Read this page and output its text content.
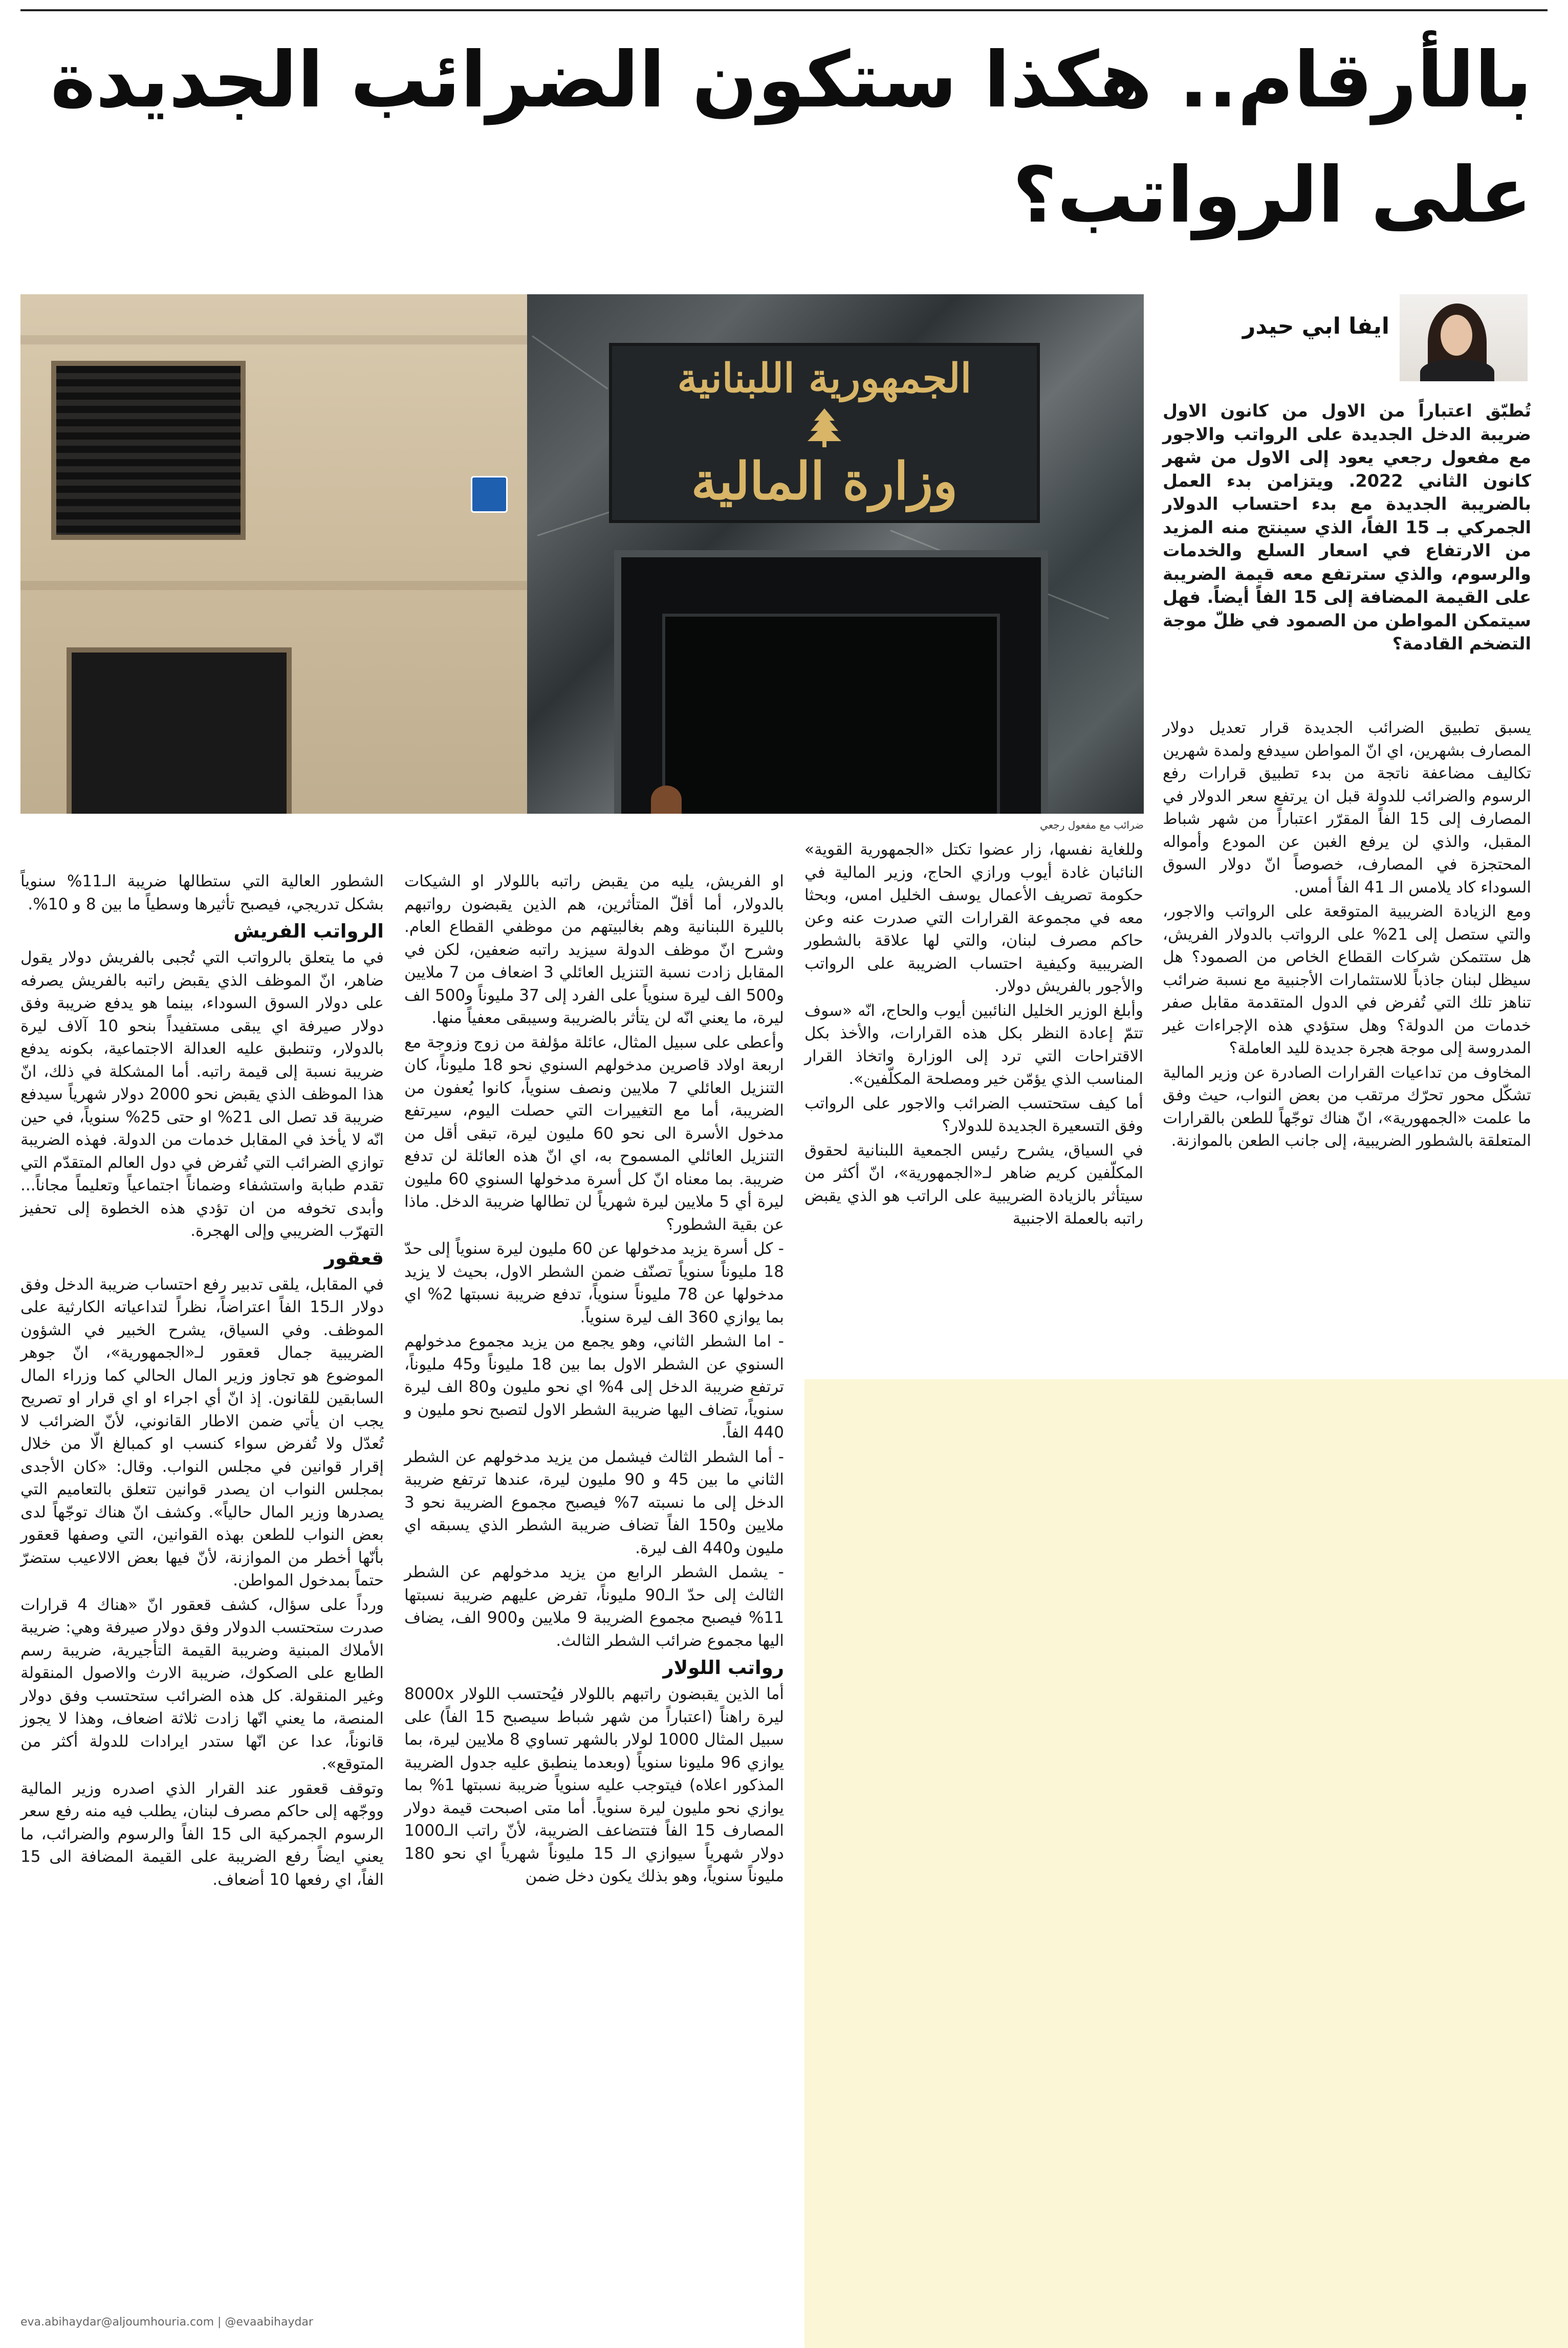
بالأرقام.. هكذا ستكون الضرائب الجديدة على الرواتب؟
الجمهورية اللبنانية
وزارة المالية
ضرائب مع مفعول رجعي
ايفا ابي حيدر

تُطبّق اعتباراً من الاول من كانون الاول ضريبة الدخل الجديدة على الرواتب والاجور مع مفعول رجعي يعود إلى الاول من شهر كانون الثاني 2022. ويتزامن بدء العمل بالضريبة الجديدة مع بدء احتساب الدولار الجمركي بـ 15 الفاً، الذي سينتج منه المزيد من الارتفاع في اسعار السلع والخدمات والرسوم، والذي سترتفع معه قيمة الضريبة على القيمة المضافة إلى 15 الفاً أيضاً. فهل سيتمكن المواطن من الصمود في ظلّ موجة التضخم القادمة؟

يسبق تطبيق الضرائب الجديدة قرار تعديل دولار المصارف بشهرين، اي انّ المواطن سيدفع ولمدة شهرين تكاليف مضاعفة ناتجة من بدء تطبيق قرارات رفع الرسوم والضرائب للدولة قبل ان يرتفع سعر الدولار في المصارف إلى 15 الفاً المقرّر اعتباراً من شهر شباط المقبل، والذي لن يرفع الغبن عن المودع وأمواله المحتجزة في المصارف، خصوصاً انّ دولار السوق السوداء كاد يلامس الـ 41 الفاً أمس.

ومع الزيادة الضريبية المتوقعة على الرواتب والاجور، والتي ستصل إلى 21% على الرواتب بالدولار الفريش، هل ستتمكن شركات القطاع الخاص من الصمود؟ هل سيظل لبنان جاذباً للاستثمارات الأجنبية مع نسبة ضرائب تناهز تلك التي تُفرض في الدول المتقدمة مقابل صفر خدمات من الدولة؟ وهل ستؤدي هذه الإجراءات غير المدروسة إلى موجة هجرة جديدة لليد العاملة؟

المخاوف من تداعيات القرارات الصادرة عن وزير المالية تشكّل محور تحرّك مرتقب من بعض النواب، حيث وفق ما علمت «الجمهورية»، انّ هناك توجّهاً للطعن بالقرارات المتعلقة بالشطور الضريبية، إلى جانب الطعن بالموازنة.

وللغاية نفسها، زار عضوا تكتل «الجمهورية القوية» النائبان غادة أيوب ورازي الحاج، وزير المالية في حكومة تصريف الأعمال يوسف الخليل امس، وبحثا معه في مجموعة القرارات التي صدرت عنه وعن حاكم مصرف لبنان، والتي لها علاقة بالشطور الضريبية وكيفية احتساب الضريبة على الرواتب والأجور بالفريش دولار.

وأبلغ الوزير الخليل النائبين أيوب والحاج، انّه «سوف تتمّ إعادة النظر بكل هذه القرارات، والأخذ بكل الاقتراحات التي ترد إلى الوزارة واتخاذ القرار المناسب الذي يؤمّن خير ومصلحة المكلّفين».

أما كيف ستحتسب الضرائب والاجور على الرواتب وفق التسعيرة الجديدة للدولار؟

في السياق، يشرح رئيس الجمعية اللبنانية لحقوق المكلّفين كريم ضاهر لـ«الجمهورية»، انّ أكثر من سيتأثر بالزيادة الضريبية على الراتب هو الذي يقبض راتبه بالعملة الاجنبية

او الفريش، يليه من يقبض راتبه باللولار او الشيكات بالدولار، أما أقلّ المتأثرين، هم الذين يقبضون رواتبهم بالليرة اللبنانية وهم بغالبيتهم من موظفي القطاع العام. وشرح انّ موظف الدولة سيزيد راتبه ضعفين، لكن في المقابل زادت نسبة التنزيل العائلي 3 اضعاف من 7 ملايين و500 الف ليرة سنوياً على الفرد إلى 37 مليوناً و500 الف ليرة، ما يعني انّه لن يتأثر بالضريبة وسيبقى معفياً منها.

وأعطى على سبيل المثال، عائلة مؤلفة من زوج وزوجة مع اربعة اولاد قاصرين مدخولهم السنوي نحو 18 مليوناً، كان التنزيل العائلي 7 ملايين ونصف سنوياً، كانوا يُعفون من الضريبة، أما مع التغييرات التي حصلت اليوم، سيرتفع مدخول الأسرة الى نحو 60 مليون ليرة، تبقى أقل من التنزيل العائلي المسموح به، اي انّ هذه العائلة لن تدفع ضريبة. بما معناه انّ كل أسرة مدخولها السنوي 60 مليون ليرة أي 5 ملايين ليرة شهرياً لن تطالها ضريبة الدخل. ماذا عن بقية الشطور؟

- كل أسرة يزيد مدخولها عن 60 مليون ليرة سنوياً إلى حدّ 18 مليوناً سنوياً تصنّف ضمن الشطر الاول، بحيث لا يزيد مدخولها عن 78 مليوناً سنوياً، تدفع ضريبة نسبتها 2% اي بما يوازي 360 الف ليرة سنوياً.

- اما الشطر الثاني، وهو يجمع من يزيد مجموع مدخولهم السنوي عن الشطر الاول بما بين 18 مليوناً و45 مليوناً، ترتفع ضريبة الدخل إلى 4% اي نحو مليون و80 الف ليرة سنوياً، تضاف اليها ضريبة الشطر الاول لتصبح نحو مليون و 440 الفاً.

- أما الشطر الثالث فيشمل من يزيد مدخولهم عن الشطر الثاني ما بين 45 و 90 مليون ليرة، عندها ترتفع ضريبة الدخل إلى ما نسبته 7% فيصبح مجموع الضريبة نحو 3 ملايين و150 الفاً تضاف ضريبة الشطر الذي يسبقه اي مليون و440 الف ليرة.

- يشمل الشطر الرابع من يزيد مدخولهم عن الشطر الثالث إلى حدّ الـ90 مليوناً، تفرض عليهم ضريبة نسبتها 11% فيصبح مجموع الضريبة 9 ملايين و900 الف، يضاف اليها مجموع ضرائب الشطر الثالث.

رواتب اللولار

أما الذين يقبضون راتبهم باللولار فيُحتسب اللولار 8000x ليرة راهناً (اعتباراً من شهر شباط سيصبح 15 الفاً) على سبيل المثال 1000 لولار بالشهر تساوي 8 ملايين ليرة، بما يوازي 96 مليونا سنوياً (وبعدما ينطبق عليه جدول الضريبة المذكور اعلاه) فيتوجب عليه سنوياً ضريبة نسبتها 1% بما يوازي نحو مليون ليرة سنوياً. أما متى اصبحت قيمة دولار المصارف 15 الفاً فتتضاعف الضريبة، لأنّ راتب الـ1000 دولار شهرياً سيوازي الـ 15 مليوناً شهرياً اي نحو 180 مليوناً سنوياً، وهو بذلك يكون دخل ضمن

الشطور العالية التي ستطالها ضريبة الـ11% سنوياً بشكل تدريجي، فيصبح تأثيرها وسطياً ما بين 8 و 10%.

الرواتب الفريش

في ما يتعلق بالرواتب التي تُجبى بالفريش دولار يقول ضاهر، انّ الموظف الذي يقبض راتبه بالفريش يصرفه على دولار السوق السوداء، بينما هو يدفع ضريبة وفق دولار صيرفة اي يبقى مستفيداً بنحو 10 آلاف ليرة بالدولار، وتنطبق عليه العدالة الاجتماعية، بكونه يدفع ضريبة نسبة إلى قيمة راتبه. أما المشكلة في ذلك، انّ هذا الموظف الذي يقبض نحو 2000 دولار شهرياً سيدفع ضريبة قد تصل الى 21% او حتى 25% سنوياً، في حين انّه لا يأخذ في المقابل خدمات من الدولة. فهذه الضريبة توازي الضرائب التي تُفرض في دول العالم المتقدّم التي تقدم طبابة واستشفاء وضماناً اجتماعياً وتعليماً مجاناً... وأبدى تخوفه من ان تؤدي هذه الخطوة إلى تحفيز التهرّب الضريبي وإلى الهجرة.

قعقور

في المقابل، يلقى تدبير رفع احتساب ضريبة الدخل وفق دولار الـ15 الفاً اعتراضاً، نظراً لتداعياته الكارثية على الموظف. وفي السياق، يشرح الخبير في الشؤون الضريبية جمال قعقور لـ«الجمهورية»، انّ جوهر الموضوع هو تجاوز وزير المال الحالي كما وزراء المال السابقين للقانون. إذ انّ أي اجراء او اي قرار او تصريح يجب ان يأتي ضمن الاطار القانوني، لأنّ الضرائب لا تُعدّل ولا تُفرض سواء كنسب او كمبالغ الّا من خلال إقرار قوانين في مجلس النواب. وقال: «كان الأجدى بمجلس النواب ان يصدر قوانين تتعلق بالتعاميم التي يصدرها وزير المال حالياً». وكشف انّ هناك توجّهاً لدى بعض النواب للطعن بهذه القوانين، التي وصفها قعقور بأنّها أخطر من الموازنة، لأنّ فيها بعض الالاعيب ستضرّ حتماً بمدخول المواطن.

ورداً على سؤال، كشف قعقور انّ «هناك 4 قرارات صدرت ستحتسب الدولار وفق دولار صيرفة وهي: ضريبة الأملاك المبنية وضريبة القيمة التأجيرية، ضريبة رسم الطابع على الصكوك، ضريبة الارث والاصول المنقولة وغير المنقولة. كل هذه الضرائب ستحتسب وفق دولار المنصة، ما يعني انّها زادت ثلاثة اضعاف، وهذا لا يجوز قانوناً، عدا عن انّها ستدر ايرادات للدولة أكثر من المتوقع».

وتوقف قعقور عند القرار الذي اصدره وزير المالية ووجّهه إلى حاكم مصرف لبنان، يطلب فيه منه رفع سعر الرسوم الجمركية الى 15 الفاً والرسوم والضرائب، ما يعني ايضاً رفع الضريبة على القيمة المضافة الى 15 الفاً، اي رفعها 10 أضعاف.

eva.abihaydar@aljoumhouria.com | @evaabihaydar
